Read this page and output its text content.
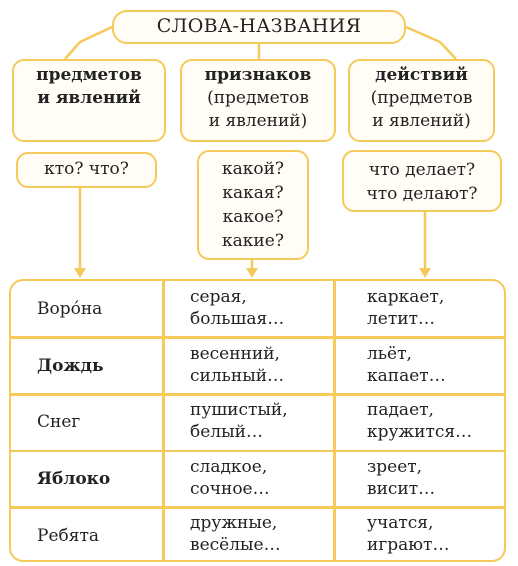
СЛОВА-НАЗВАНИЯ
предметов
и явлений
признаков
(предметов
и явлений)
действий
(предметов
и явлений)
кто? что?	какой?
какая?
какое?
какие?
что делает?
что делают?
Воро́на
серая,
большая…
каркает,
летит…
Дождь
весенний,
сильный…
льёт,
капает…
Снег
пушистый,
белый…
падает,
кружится…
Яблоко
сладкое,
сочное…
зреет,
висит…
Ребята
дружные,
весёлые…
учатся,
играют…
